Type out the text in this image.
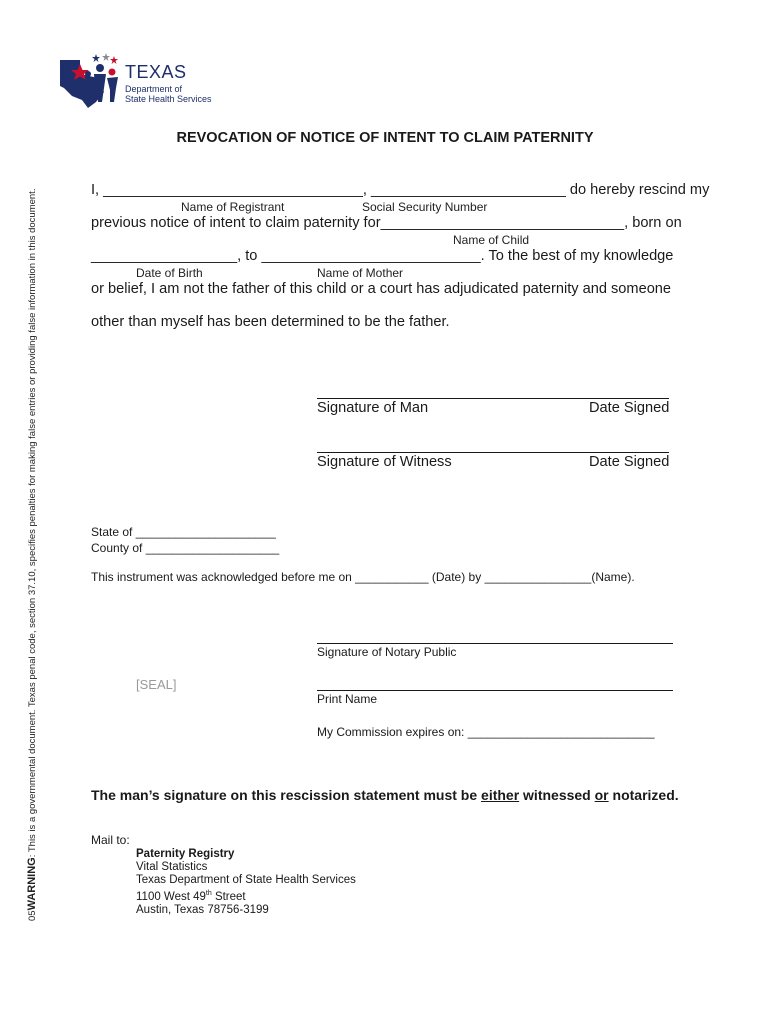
05WARNING: This is a governmental document. Texas penal code, section 37.10, specifies penalties for making false entries or providing false information in this document.
TEXAS
Department of
State Health Services
REVOCATION OF NOTICE OF INTENT TO CLAIM PATERNITY
I, ________________________________, ________________________ do hereby rescind my
Name of Registrant	Social Security Number
previous notice of intent to claim paternity for______________________________, born on
Name of Child
__________________, to ___________________________. To the best of my knowledge
Date of Birth	Name of Mother
or belief, I am not the father of this child or a court has adjudicated paternity and someone
other than myself has been determined to be the father.
Signature of Man	Date Signed
Signature of Witness	Date Signed
State of _____________________
County of ____________________
This instrument was acknowledged before me on ___________ (Date) by ________________(Name).
Signature of Notary Public
[SEAL]
Print Name
My Commission expires on: ____________________________
The man’s signature on this rescission statement must be either witnessed or notarized.
Mail to:
Paternity Registry
Vital Statistics
Texas Department of State Health Services
1100 West 49th Street
Austin, Texas 78756-3199
